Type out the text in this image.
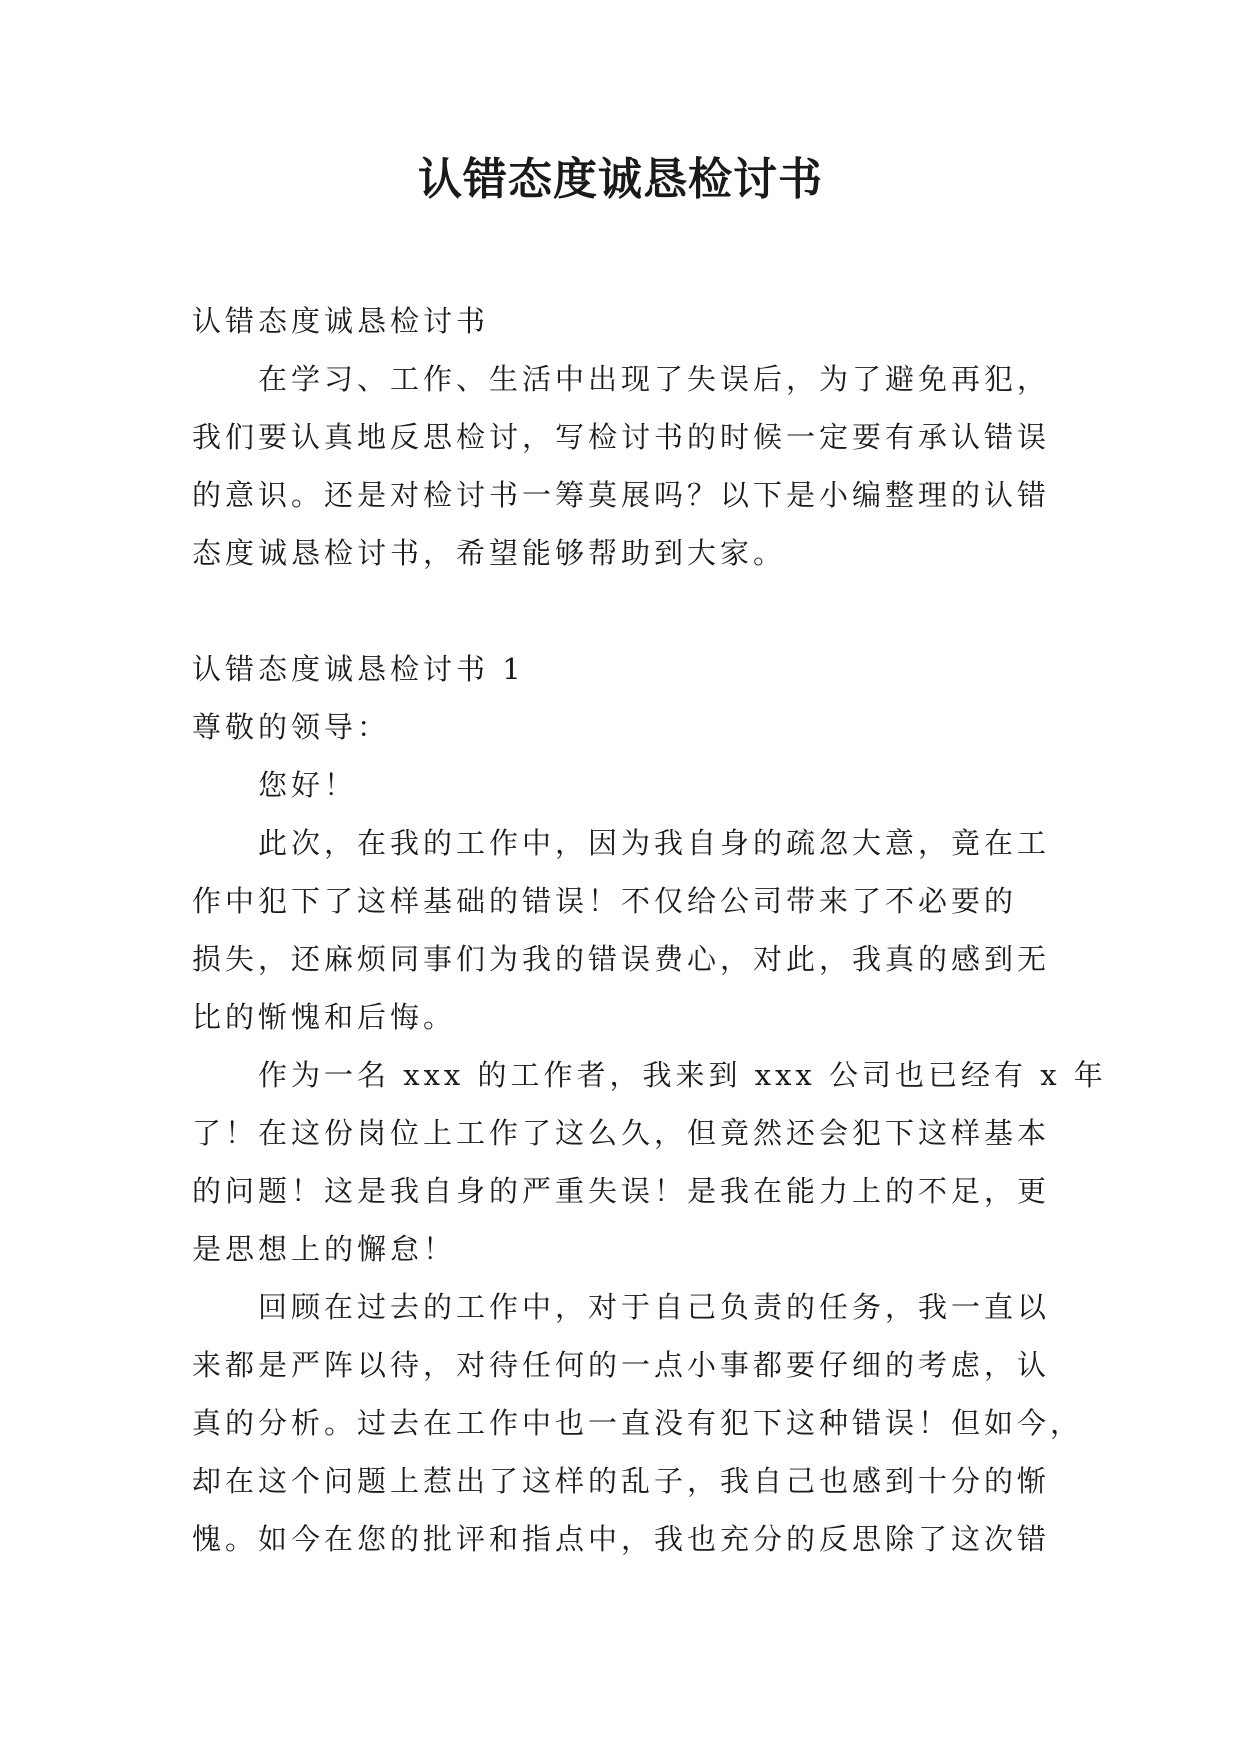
认错态度诚恳检讨书
认错态度诚恳检讨书
在学习、工作、生活中出现了失误后，为了避免再犯，
我们要认真地反思检讨，写检讨书的时候一定要有承认错误
的意识。还是对检讨书一筹莫展吗？以下是小编整理的认错
态度诚恳检讨书，希望能够帮助到大家。
认错态度诚恳检讨书 1
尊敬的领导：
您好！
此次，在我的工作中，因为我自身的疏忽大意，竟在工
作中犯下了这样基础的错误！不仅给公司带来了不必要的
损失，还麻烦同事们为我的错误费心，对此，我真的感到无
比的惭愧和后悔。
作为一名 xxx 的工作者，我来到 xxx 公司也已经有 x 年
了！在这份岗位上工作了这么久，但竟然还会犯下这样基本
的问题！这是我自身的严重失误！是我在能力上的不足，更
是思想上的懈怠！
回顾在过去的工作中，对于自己负责的任务，我一直以
来都是严阵以待，对待任何的一点小事都要仔细的考虑，认
真的分析。过去在工作中也一直没有犯下这种错误！但如今，
却在这个问题上惹出了这样的乱子，我自己也感到十分的惭
愧。如今在您的批评和指点中，我也充分的反思除了这次错
